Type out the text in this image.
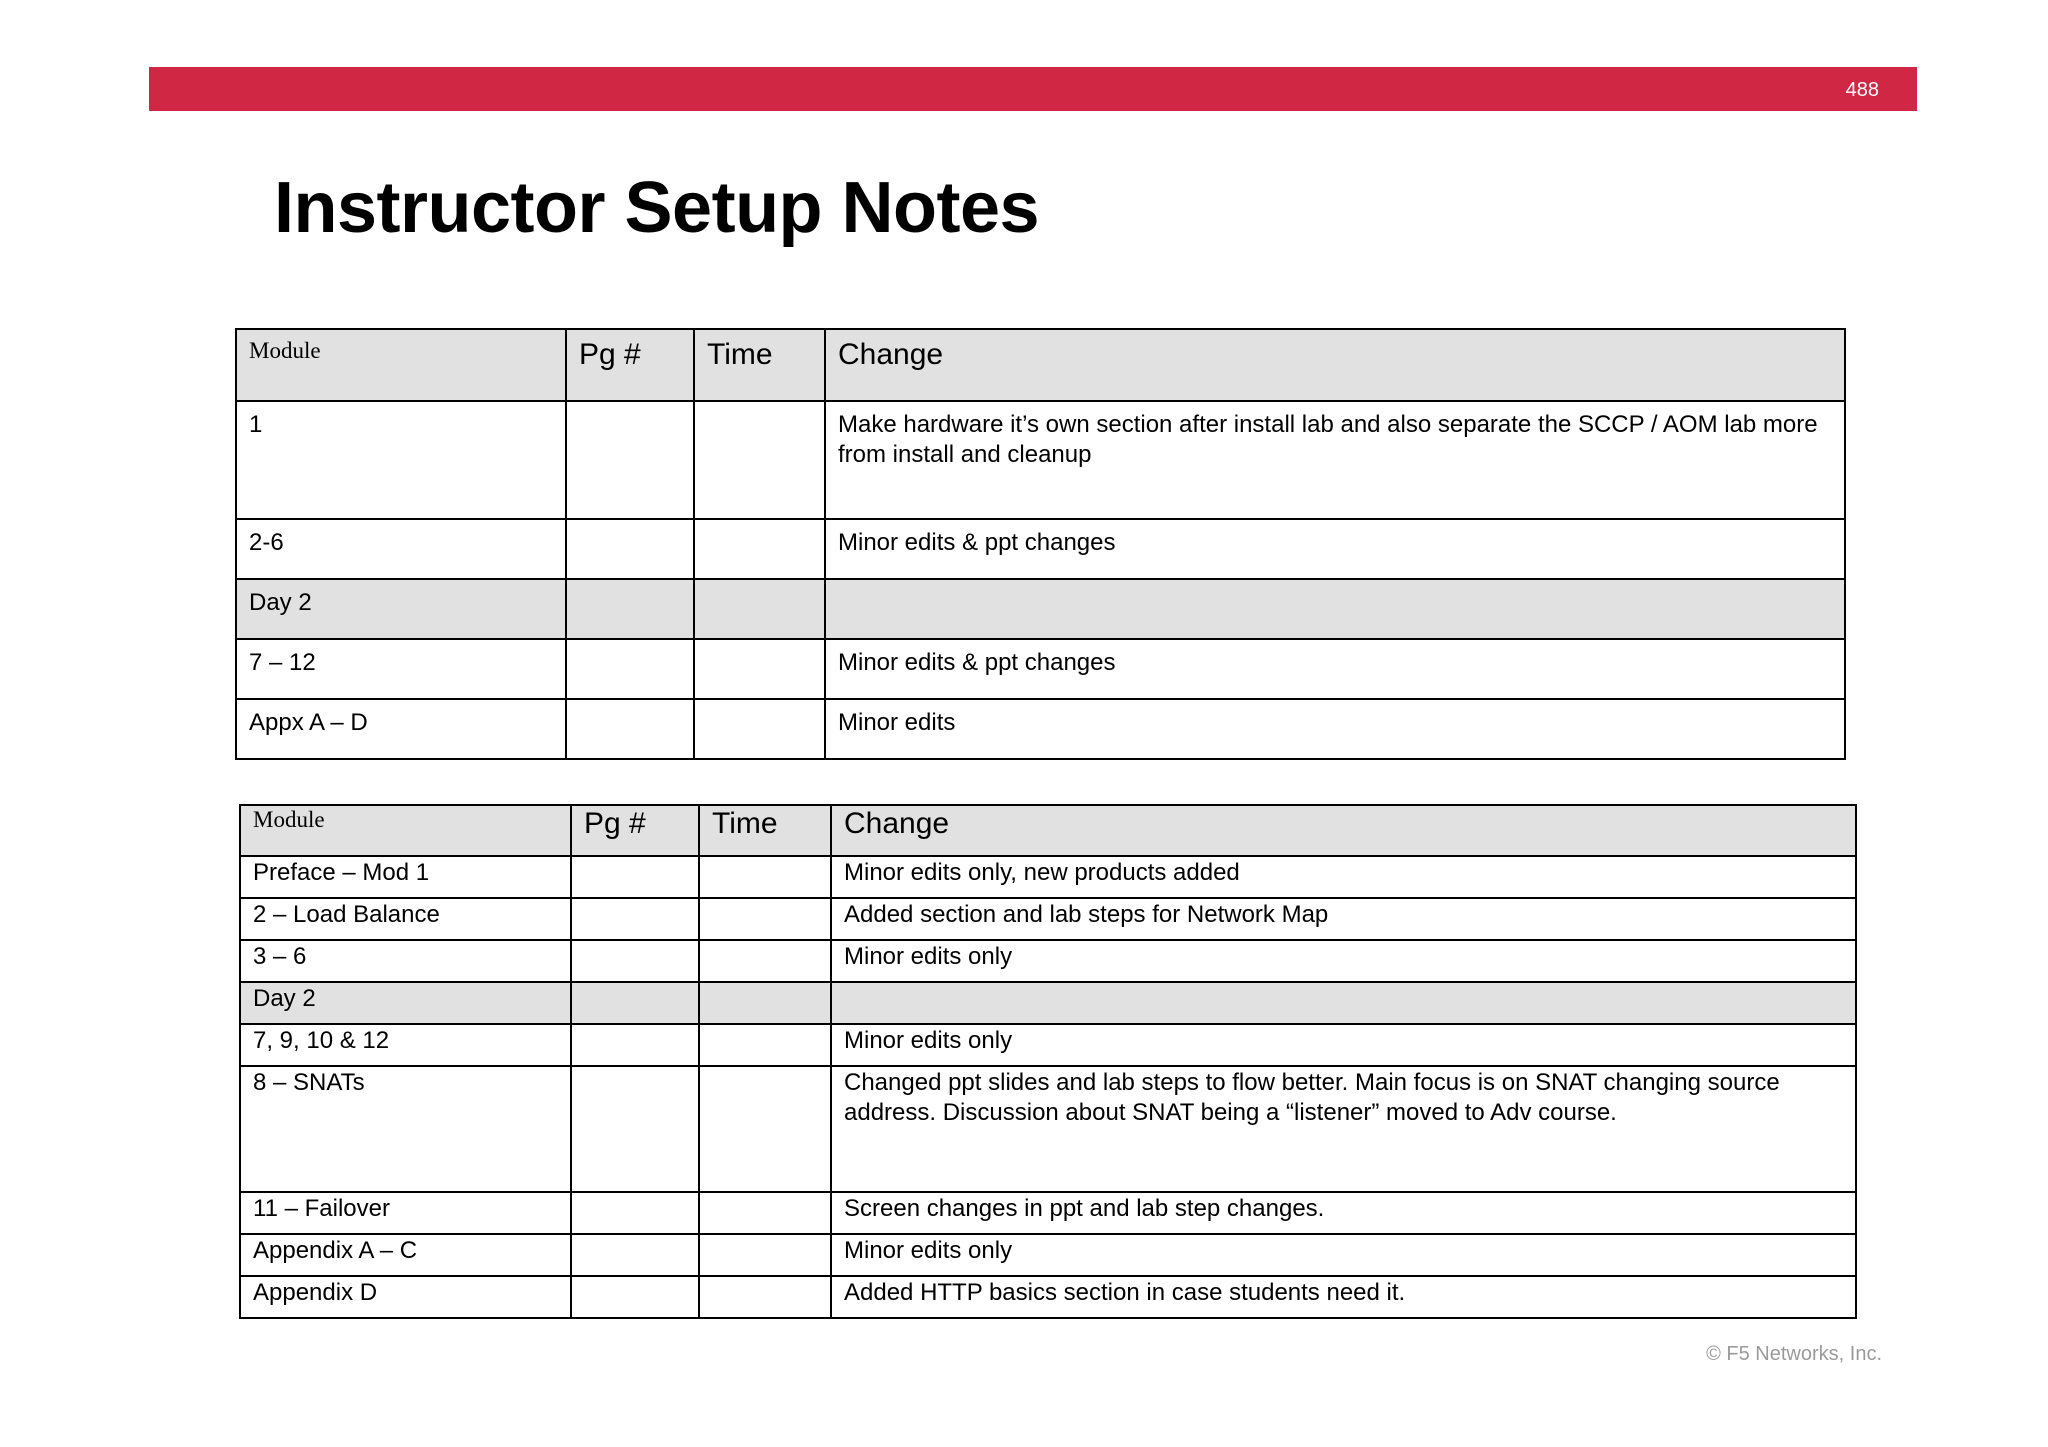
488
Instructor Setup Notes
Module	Pg #	Time	Change
1			Make hardware it’s own section after install lab and also separate the SCCP / AOM lab more from install and cleanup
2-6			Minor edits & ppt changes
Day 2			
7 – 12			Minor edits & ppt changes
Appx A – D			Minor edits
Module	Pg #	Time	Change
Preface – Mod 1			Minor edits only, new products added
2 – Load Balance			Added section and lab steps for Network Map
3 – 6			Minor edits only
Day 2			
7, 9, 10 & 12			Minor edits only
8 – SNATs			Changed ppt slides and lab steps to flow better. Main focus is on SNAT changing source address. Discussion about SNAT being a “listener” moved to Adv course.
11 – Failover			Screen changes in ppt and lab step changes.
Appendix A – C			Minor edits only
Appendix D			Added HTTP basics section in case students need it.
© F5 Networks, Inc.
